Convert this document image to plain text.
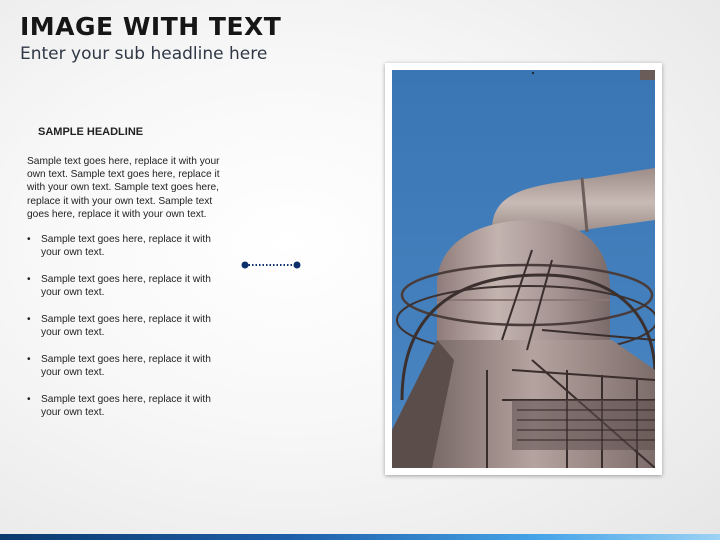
IMAGE WITH TEXT
Enter your sub headline here
SAMPLE HEADLINE

Sample text goes here, replace it with your own text. Sample text goes here, replace it with your own text. Sample text goes here, replace it with your own text. Sample text goes here, replace it with your own text.

• Sample text goes here, replace it with your own text.
• Sample text goes here, replace it with your own text.
• Sample text goes here, replace it with your own text.
• Sample text goes here, replace it with your own text.
• Sample text goes here, replace it with your own text.
